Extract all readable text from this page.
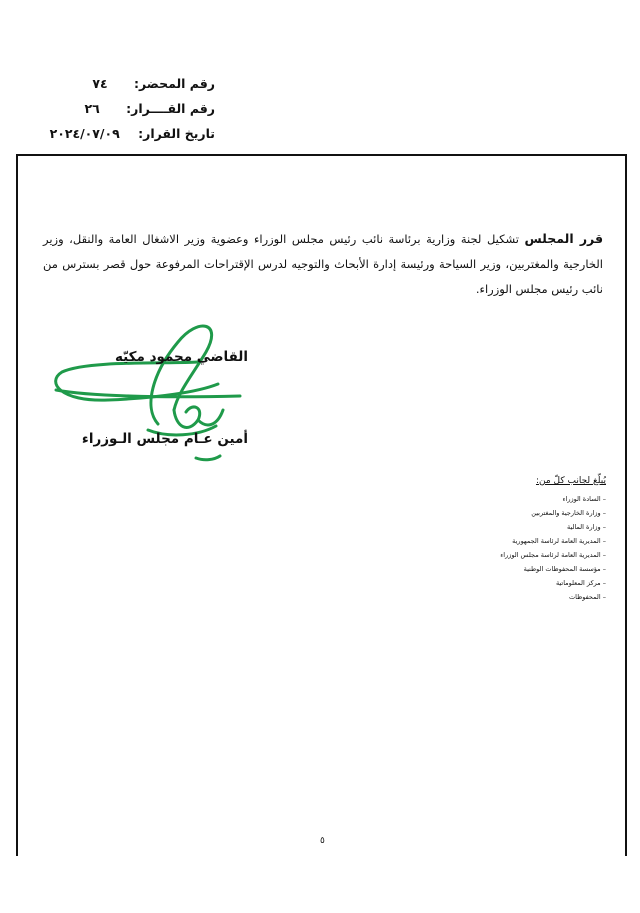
رقم المحضر: ٧٤
رقم القــــرار: ٢٦
تاريخ القرار: ٢٠٢٤/٠٧/٠٩

قرر المجلس تشكيل لجنة وزارية برئاسة نائب رئيس مجلس الوزراء وعضوية وزير الاشغال العامة والنقل، وزير الخارجية والمغتربين، وزير السياحة ورئيسة إدارة الأبحاث والتوجيه لدرس الإقتراحات المرفوعة حول قصر بسترس من نائب رئيس مجلس الوزراء.

القاضي محمود مكيّه
أمين عـام مجلس الـوزراء

يُبلّغ لجانب كلّ من:

– السادة الوزراء
– وزارة الخارجية والمغتربين
– وزارة المالية
– المديرية العامة لرئاسة الجمهورية
– المديرية العامة لرئاسة مجلس الوزراء
– مؤسسة المحفوظات الوطنية
– مركز المعلوماتية
– المحفوظات
٥
